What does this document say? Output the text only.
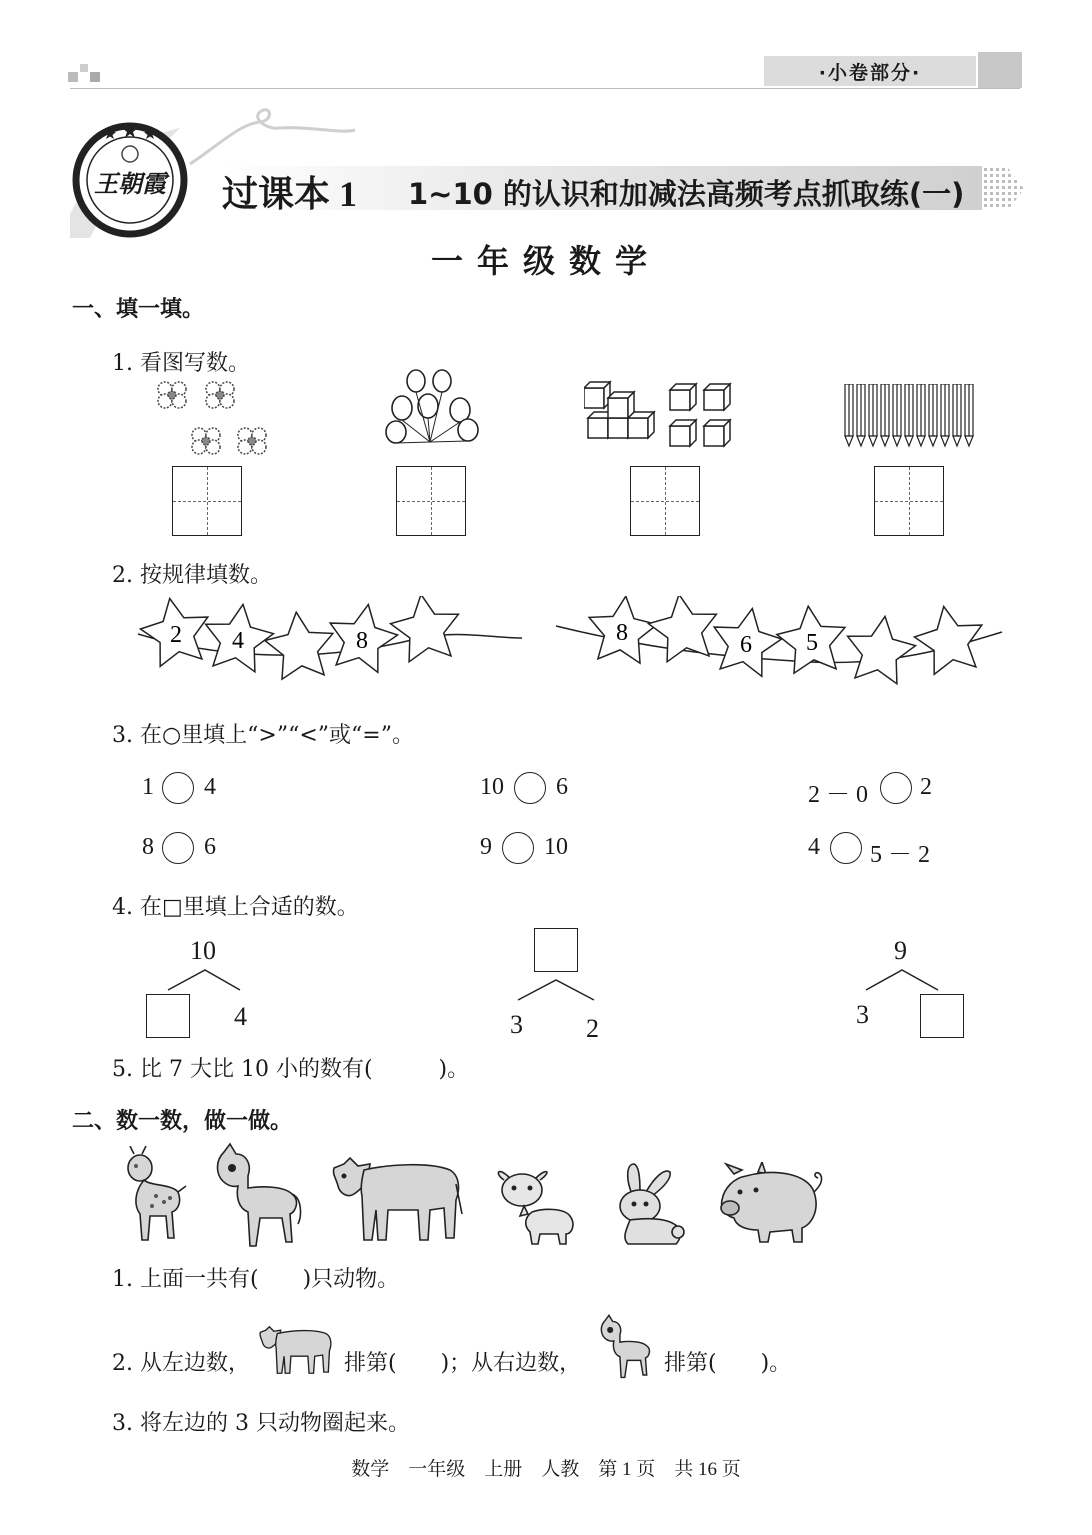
·小卷部分·
王朝霞	过课本 1 1~10 的认识和加减法高频考点抓取练(一)
一年级数学
一、填一填。
1. 看图写数。
2. 按规律填数。
2 4	8	8	6 5
3. 在○里填上“>”“<”或“=”。
1 4	10 6	2 － 0 2
8 6	9 10	4 5 － 2
4. 在□里填上合适的数。
10
4	3 2
9
3
5. 比 7 大比 10 小的数有(　　　)。
二、数一数，做一做。
1. 上面一共有(　　)只动物。
2. 从左边数，	排第(　　)；从右边数，	排第(　　)。
3. 将左边的 3 只动物圈起来。
数学　一年级　上册　人教　第 1 页　共 16 页
